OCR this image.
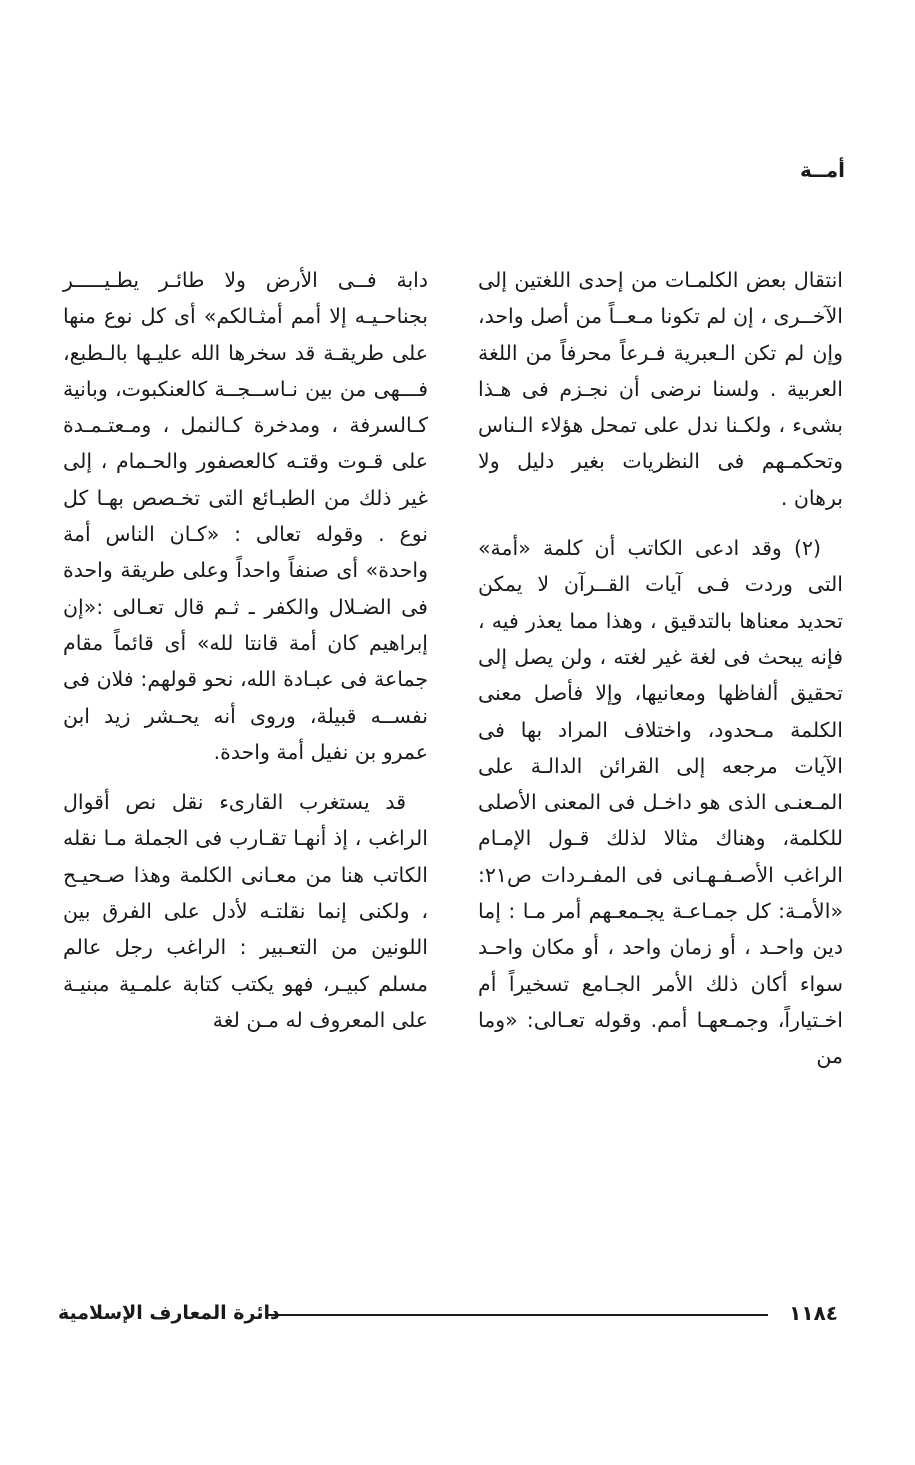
أمــة

انتقال بعض الكلمـات من إحدى اللغتين إلى الآخــرى ، إن لم تكونا مـعــاً من أصل واحد، وإن لم تكن الـعبرية فـرعاً محرفاً من اللغة العربية . ولسنا نرضى أن نجـزم فى هـذا بشىء ، ولكـنا ندل على تمحل هؤلاء الـناس وتحكمـهم فى النظريات بغير دليل ولا برهان .

(٢) وقد ادعى الكاتب أن كلمة «أمة» التى وردت فـى آيات القــرآن لا يمكن تحديد معناها بالتدقيق ، وهذا مما يعذر فيه ، فإنه يبحث فى لغة غير لغته ، ولن يصل إلى تحقيق ألفاظها ومعانيها، وإلا فأصل معنى الكلمة مـحدود، واختلاف المراد بها فى الآيات مرجعه إلى القرائن الدالـة على المـعنـى الذى هو داخـل فى المعنى الأصلى للكلمة، وهناك مثالا لذلك قـول الإمـام الراغب الأصـفـهـانى فى المفـردات ص٢١: «الأمـة: كل جمـاعـة يجـمعـهم أمر مـا : إما دين واحـد ، أو زمان واحد ، أو مكان واحـد سواء أكان ذلك الأمر الجـامع تسخيراً أم اخـتياراً، وجمـعهـا أمم. وقوله تعـالى: «وما من

دابة فــى الأرض ولا طائـر يطـيـــــر بجناحـيـه إلا أمم أمثـالكم» أى كل نوع منها على طريقـة قد سخرها الله عليـها بالـطبع، فـــهى من بين نـاســجــة كالعنكبوت، وبانية كـالسرفة ، ومدخرة كـالنمل ، ومـعتـمـدة على قـوت وقتـه كالعصفور والحـمام ، إلى غير ذلك من الطبـائع التى تخـصص بهـا كل نوع . وقوله تعالى : «كـان الناس أمة واحدة» أى صنفاً واحداً وعلى طريقة واحدة فى الضـلال والكفر ـ ثـم قال تعـالى :«إن إبراهيم كان أمة قانتا لله» أى قائماً مقام جماعة فى عبـادة الله، نحو قولهم: فلان فى نفســه قبيلة، وروى أنه يحـشر زيد ابن عمرو بن نفيل أمة واحدة.

قد يستغرب القارىء نقل نص أقوال الراغب ، إذ أنهـا تقـارب فى الجملة مـا نقله الكاتب هنا من معـانى الكلمة وهذا صـحيـح ، ولكنى إنما نقلتـه لأدل على الفرق بين اللونين من التعـبير : الراغب رجل عالم مسلم كبيـر، فهو يكتب كتابة علمـية مبنيـة على المعروف له مـن لغة

١١٨٤
دائرة المعارف الإسلامية
